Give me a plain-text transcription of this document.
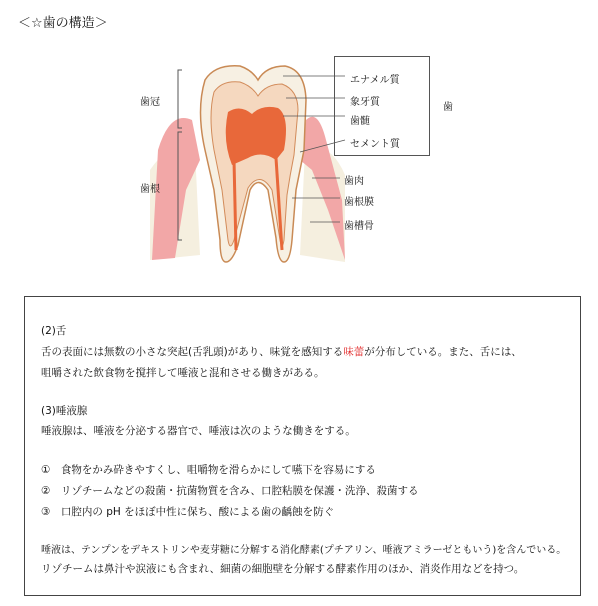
＜☆歯の構造＞
歯冠
歯根
エナメル質
象牙質
歯髄
セメント質
歯
歯肉
歯根膜
歯槽骨
(2)舌
舌の表面には無数の小さな突起(舌乳頭)があり、味覚を感知する味蕾が分布している。また、舌には、
咀嚼された飲食物を撹拌して唾液と混和させる働きがある。
(3)唾液腺
唾液腺は、唾液を分泌する器官で、唾液は次のような働きをする。
①　食物をかみ砕きやすくし、咀嚼物を滑らかにして嚥下を容易にする
②　リゾチームなどの殺菌・抗菌物質を含み、口腔粘膜を保護・洗浄、殺菌する
③　口腔内の pH をほぼ中性に保ち、酸による歯の齲蝕を防ぐ
唾液は、テンプンをデキストリンや麦芽糖に分解する消化酵素(プチアリン、唾液アミラーゼともいう)を含んでいる。
リゾチームは鼻汁や涙液にも含まれ、細菌の細胞壁を分解する酵素作用のほか、消炎作用などを持つ。
